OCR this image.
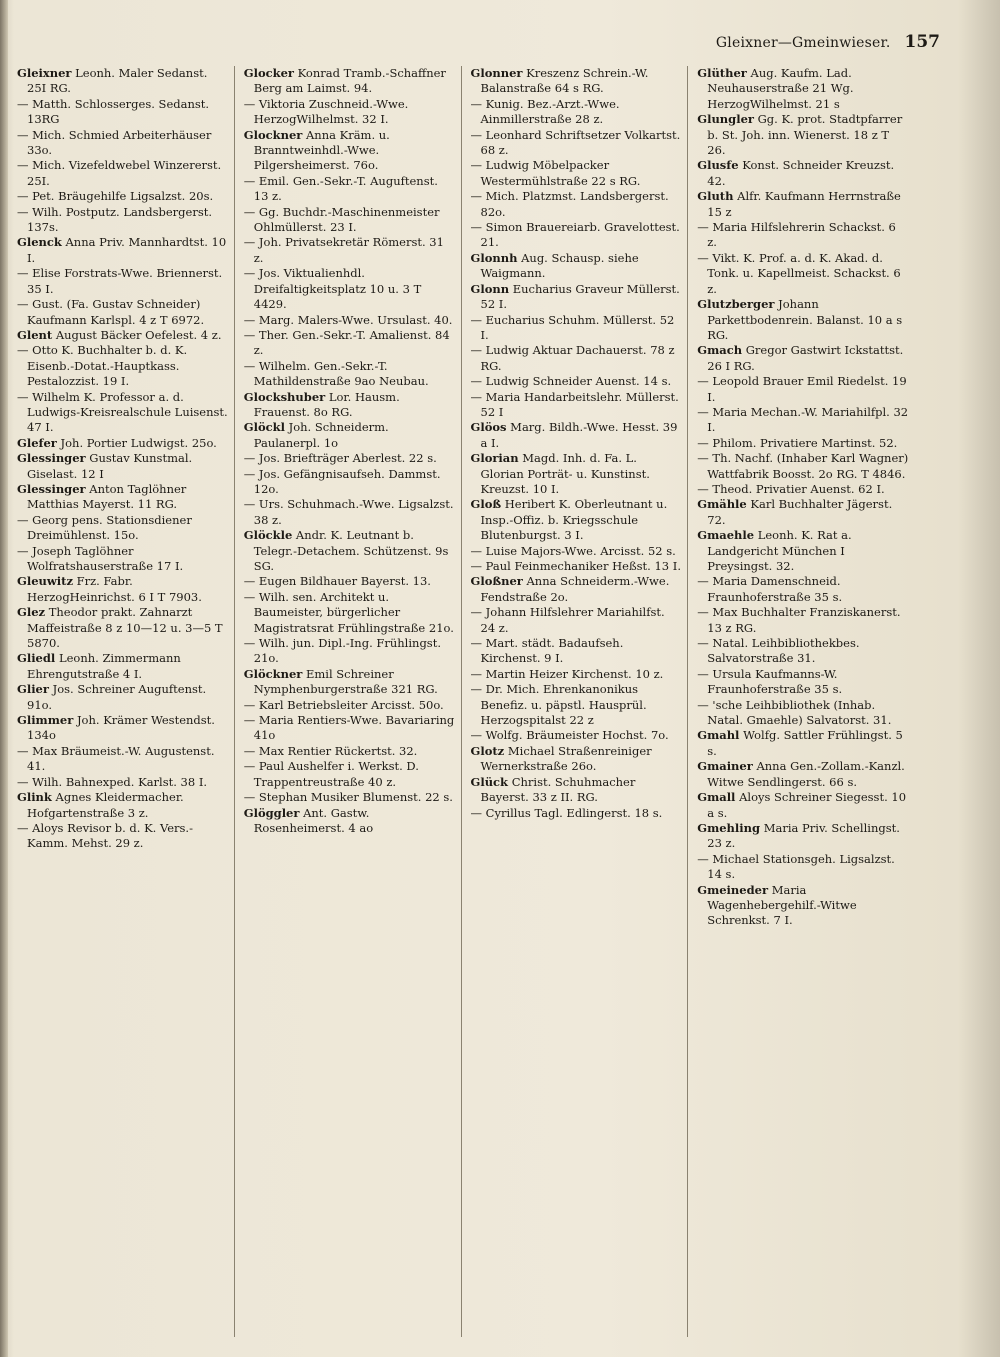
Gleixner—Gmeinwieser. 157

Gleixner Leonh. Maler Sedanst. 25I RG.

— Matth. Schlosserges. Sedanst. 13RG

— Mich. Schmied Arbeiterhäuser 33o.

— Mich. Vizefeldwebel Winzererst. 25I.

— Pet. Bräugehilfe Ligsalzst. 20s.

— Wilh. Postputz. Landsbergerst. 137s.

Glenck Anna Priv. Mannhardtst. 10 I.

— Elise Forstrats-Wwe. Briennerst. 35 I.

— Gust. (Fa. Gustav Schneider) Kaufmann Karlspl. 4 z T 6972.

Glent August Bäcker Oefelest. 4 z.

— Otto K. Buchhalter b. d. K. Eisenb.-Dotat.-Hauptkass. Pestalozzist. 19 I.

— Wilhelm K. Professor a. d. Ludwigs-Kreisrealschule Luisenst. 47 I.

Glefer Joh. Portier Ludwigst. 25o.

Glessinger Gustav Kunstmal. Giselast. 12 I

Glessinger Anton Taglöhner Matthias Mayerst. 11 RG.

— Georg pens. Stationsdiener Dreimühlenst. 15o.

— Joseph Taglöhner Wolfratshauserstraße 17 I.

Gleuwitz Frz. Fabr. HerzogHeinrichst. 6 I T 7903.

Glez Theodor prakt. Zahnarzt Maffeistraße 8 z 10—12 u. 3—5 T 5870.

Gliedl Leonh. Zimmermann Ehrengutstraße 4 I.

Glier Jos. Schreiner Auguftenst. 91o.

Glimmer Joh. Krämer Westendst. 134o

— Max Bräumeist.-W. Augustenst. 41.

— Wilh. Bahnexped. Karlst. 38 I.

Glink Agnes Kleidermacher. Hofgartenstraße 3 z.

— Aloys Revisor b. d. K. Vers.-Kamm. Mehst. 29 z.

Glocker Konrad Tramb.-Schaffner Berg am Laimst. 94.

— Viktoria Zuschneid.-Wwe. HerzogWilhelmst. 32 I.

Glockner Anna Kräm. u. Branntweinhdl.-Wwe. Pilgersheimerst. 76o.

— Emil. Gen.-Sekr.-T. Auguftenst. 13 z.

— Gg. Buchdr.-Maschinenmeister Ohlmüllerst. 23 I.

— Joh. Privatsekretär Römerst. 31 z.

— Jos. Viktualienhdl. Dreifaltigkeitsplatz 10 u. 3 T 4429.

— Marg. Malers-Wwe. Ursulast. 40.

— Ther. Gen.-Sekr.-T. Amalienst. 84 z.

— Wilhelm. Gen.-Sekr.-T. Mathildenstraße 9ao Neubau.

Glockshuber Lor. Hausm. Frauenst. 8o RG.

Glöckl Joh. Schneiderm. Paulanerpl. 1o

— Jos. Briefträger Aberlest. 22 s.

— Jos. Gefängnisaufseh. Dammst. 12o.

— Urs. Schuhmach.-Wwe. Ligsalzst. 38 z.

Glöckle Andr. K. Leutnant b. Telegr.-Detachem. Schützenst. 9s SG.

— Eugen Bildhauer Bayerst. 13.

— Wilh. sen. Architekt u. Baumeister, bürgerlicher Magistratsrat Frühlingstraße 21o.

— Wilh. jun. Dipl.-Ing. Frühlingst. 21o.

Glöckner Emil Schreiner Nymphenburgerstraße 321 RG.

— Karl Betriebsleiter Arcisst. 50o.

— Maria Rentiers-Wwe. Bavariaring 41o

— Max Rentier Rückertst. 32.

— Paul Aushelfer i. Werkst. D. Trappentreustraße 40 z.

— Stephan Musiker Blumenst. 22 s.

Glöggler Ant. Gastw. Rosenheimerst. 4 ao

Glonner Kreszenz Schrein.-W. Balanstraße 64 s RG.

— Kunig. Bez.-Arzt.-Wwe. Ainmillerstraße 28 z.

— Leonhard Schriftsetzer Volkartst. 68 z.

— Ludwig Möbelpacker Westermühlstraße 22 s RG.

— Mich. Platzmst. Landsbergerst. 82o.

— Simon Brauereiarb. Gravelottest. 21.

Glonnh Aug. Schausp. siehe Waigmann.

Glonn Eucharius Graveur Müllerst. 52 I.

— Eucharius Schuhm. Müllerst. 52 I.

— Ludwig Aktuar Dachauerst. 78 z RG.

— Ludwig Schneider Auenst. 14 s.

— Maria Handarbeitslehr. Müllerst. 52 I

Glöos Marg. Bildh.-Wwe. Hesst. 39 a I.

Glorian Magd. Inh. d. Fa. L. Glorian Porträt- u. Kunstinst. Kreuzst. 10 I.

Gloß Heribert K. Oberleutnant u. Insp.-Offiz. b. Kriegsschule Blutenburgst. 3 I.

— Luise Majors-Wwe. Arcisst. 52 s.

— Paul Feinmechaniker Heßst. 13 I.

Gloßner Anna Schneiderm.-Wwe. Fendstraße 2o.

— Johann Hilfslehrer Mariahilfst. 24 z.

— Mart. städt. Badaufseh. Kirchenst. 9 I.

— Martin Heizer Kirchenst. 10 z.

— Dr. Mich. Ehrenkanonikus Benefiz. u. päpstl. Hausprül. Herzogspitalst 22 z

— Wolfg. Bräumeister Hochst. 7o.

Glotz Michael Straßenreiniger Wernerkstraße 26o.

Glück Christ. Schuhmacher Bayerst. 33 z II. RG.

— Cyrillus Tagl. Edlingerst. 18 s.

Glüther Aug. Kaufm. Lad. Neuhauserstraße 21 Wg. HerzogWilhelmst. 21 s

Glungler Gg. K. prot. Stadtpfarrer b. St. Joh. inn. Wienerst. 18 z T 26.

Glusfe Konst. Schneider Kreuzst. 42.

Gluth Alfr. Kaufmann Herrnstraße 15 z

— Maria Hilfslehrerin Schackst. 6 z.

— Vikt. K. Prof. a. d. K. Akad. d. Tonk. u. Kapellmeist. Schackst. 6 z.

Glutzberger Johann Parkettbodenrein. Balanst. 10 a s RG.

Gmach Gregor Gastwirt Ickstattst. 26 I RG.

— Leopold Brauer Emil Riedelst. 19 I.

— Maria Mechan.-W. Mariahilfpl. 32 I.

— Philom. Privatiere Martinst. 52.

— Th. Nachf. (Inhaber Karl Wagner) Wattfabrik Boosst. 2o RG. T 4846.

— Theod. Privatier Auenst. 62 I.

Gmähle Karl Buchhalter Jägerst. 72.

Gmaehle Leonh. K. Rat a. Landgericht München I Preysingst. 32.

— Maria Damenschneid. Fraunhoferstraße 35 s.

— Max Buchhalter Franziskanerst. 13 z RG.

— Natal. Leihbibliothekbes. Salvatorstraße 31.

— Ursula Kaufmanns-W. Fraunhoferstraße 35 s.

— 'sche Leihbibliothek (Inhab. Natal. Gmaehle) Salvatorst. 31.

Gmahl Wolfg. Sattler Frühlingst. 5 s.

Gmainer Anna Gen.-Zollam.-Kanzl. Witwe Sendlingerst. 66 s.

Gmall Aloys Schreiner Siegesst. 10 a s.

Gmehling Maria Priv. Schellingst. 23 z.

— Michael Stationsgeh. Ligsalzst. 14 s.

Gmeineder Maria Wagenhebergehilf.-Witwe Schrenkst. 7 I.
